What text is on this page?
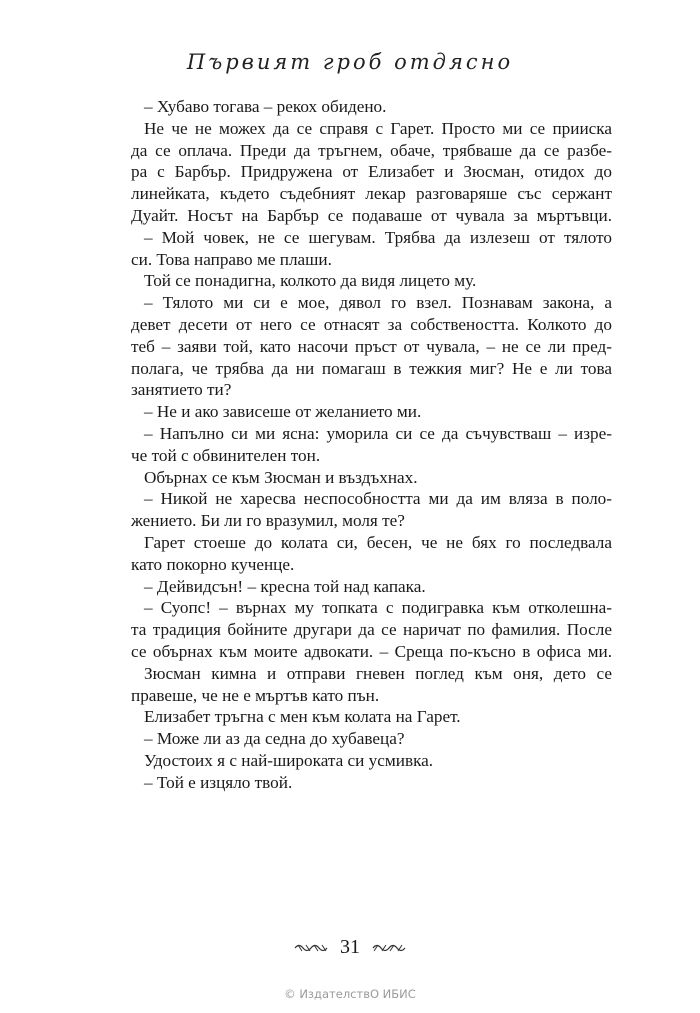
Първият гроб отдясно
– Хубаво тогава – рекох обидено.
Не че не можех да се справя с Гарет. Просто ми се прииска
да се оплача. Преди да тръгнем, обаче, трябваше да се разбе-
ра с Барбър. Придружена от Елизабет и Зюсман, отидох до
линейката, където съдебният лекар разговаряше със сержант
Дуайт. Носът на Барбър се подаваше от чувала за мъртъвци.
– Мой човек, не се шегувам. Трябва да излезеш от тялото
си. Това направо ме плаши.
Той се понадигна, колкото да видя лицето му.
– Тялото ми си е мое, дявол го взел. Познавам закона, а
девет десети от него се отнасят за собствеността. Колкото до
теб – заяви той, като насочи пръст от чувала, – не се ли пред-
полага, че трябва да ни помагаш в тежкия миг? Не е ли това
занятието ти?
– Не и ако зависеше от желанието ми.
– Напълно си ми ясна: уморила си се да съчувстваш – изре-
че той с обвинителен тон.
Обърнах се към Зюсман и въздъхнах.
– Никой не харесва неспособността ми да им вляза в поло-
жението. Би ли го вразумил, моля те?
Гарет стоеше до колата си, бесен, че не бях го последвала
като покорно кученце.
– Дейвидсън! – кресна той над капака.
– Суопс! – върнах му топката с подигравка към отколешна-
та традиция бойните другари да се наричат по фамилия. После
се обърнах към моите адвокати. – Среща по-късно в офиса ми.
Зюсман кимна и отправи гневен поглед към оня, дето се
правеше, че не е мъртъв като пън.
Елизабет тръгна с мен към колата на Гарет.
– Може ли аз да седна до хубавеца?
Удостоих я с най-широката си усмивка.
– Той е изцяло твой.
31
© ИздателствО ИБИС
